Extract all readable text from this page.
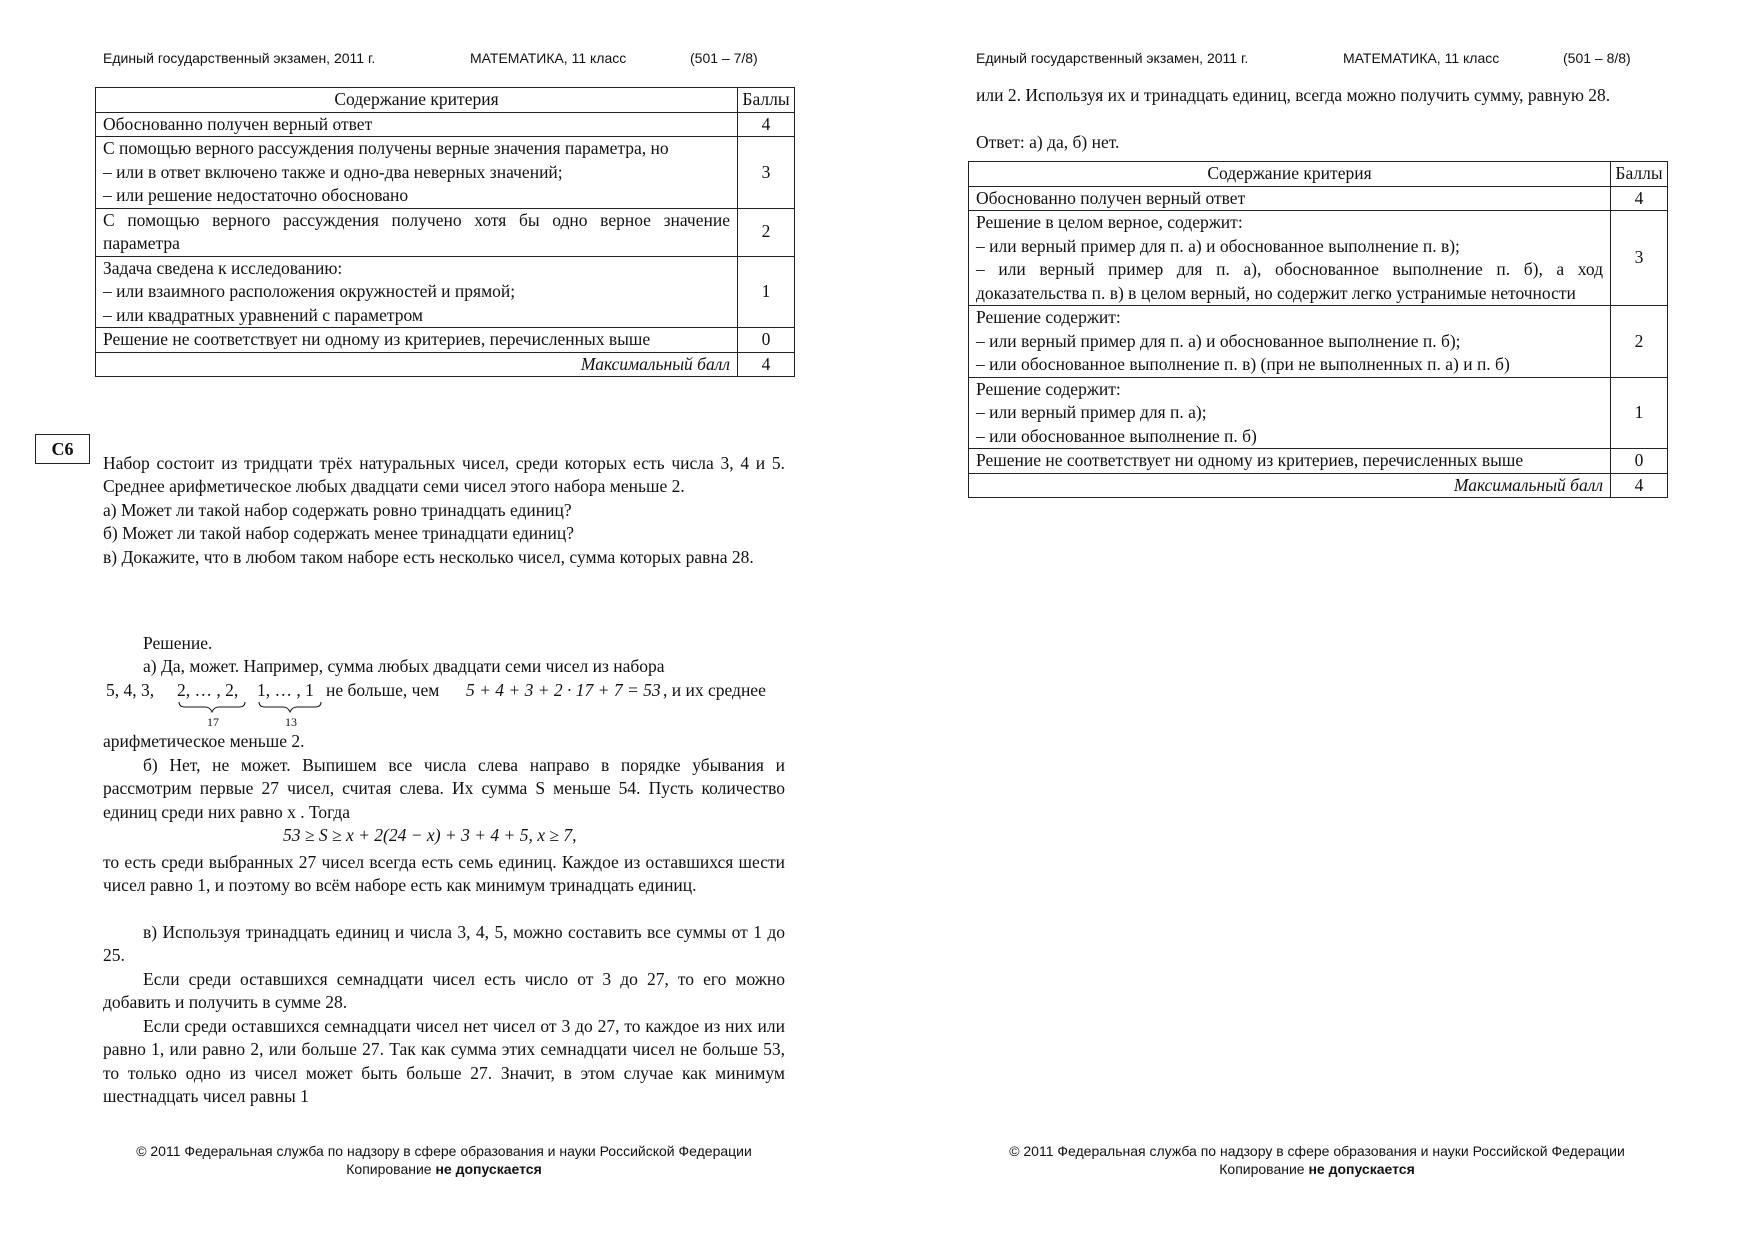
Единый государственный экзамен, 2011 г.	МАТЕМАТИКА, 11 класс	(501 – 7/8)
Содержание критерия	Баллы

Обоснованно получен верный ответ	4

С помощью верного рассуждения получены верные значения параметра, но
– или в ответ включено также и одно-два неверных значений;
– или решение недостаточно обосновано	3

С помощью верного рассуждения получено хотя бы одно верное значение параметра	2

Задача сведена к исследованию:
– или взаимного расположения окружностей и прямой;
– или квадратных уравнений с параметром	1

Решение не соответствует ни одному из критериев, перечисленных выше	0
Максимальный балл	4
C6
Набор состоит из тридцати трёх натуральных чисел, среди которых есть числа 3, 4 и 5. Среднее арифметическое любых двадцати семи чисел этого набора меньше 2.
а) Может ли такой набор содержать ровно тринадцать единиц?
б) Может ли такой набор содержать менее тринадцати единиц?
в) Докажите, что в любом таком наборе есть несколько чисел, сумма которых равна 28.
Решение.
а) Да, может. Например, сумма любых двадцати семи чисел из набора
5, 4, 3, 2, … , 2, 1, … , 1 не больше, чем 5 + 4 + 3 + 2 · 17 + 7 = 53 , и их среднее
17	13
арифметическое меньше 2.
б) Нет, не может. Выпишем все числа слева направо в порядке убывания и рассмотрим первые 27 чисел, считая слева. Их сумма S меньше 54. Пусть количество единиц среди них равно x . Тогда
53 ≥ S ≥ x + 2(24 − x) + 3 + 4 + 5, x ≥ 7,
то есть среди выбранных 27 чисел всегда есть семь единиц. Каждое из оставшихся шести чисел равно 1, и поэтому во всём наборе есть как минимум тринадцать единиц.
в) Используя тринадцать единиц и числа 3, 4, 5, можно составить все суммы от 1 до 25.
Если среди оставшихся семнадцати чисел есть число от 3 до 27, то его можно добавить и получить в сумме 28.
Если среди оставшихся семнадцати чисел нет чисел от 3 до 27, то каждое из них или равно 1, или равно 2, или больше 27. Так как сумма этих семнадцати чисел не больше 53, то только одно из чисел может быть больше 27. Значит, в этом случае как минимум шестнадцать чисел равны 1
© 2011 Федеральная служба по надзору в сфере образования и науки Российской Федерации
Копирование не допускается
Единый государственный экзамен, 2011 г.	МАТЕМАТИКА, 11 класс	(501 – 8/8)
или 2. Используя их и тринадцать единиц, всегда можно получить сумму, равную 28.
Ответ: а) да, б) нет.
Содержание критерия	Баллы

Обоснованно получен верный ответ	4

Решение в целом верное, содержит:
– или верный пример для п. а) и обоснованное выполнение п. в);
– или верный пример для п. а), обоснованное выполнение п. б), а ход доказательства п. в) в целом верный, но содержит легко устранимые неточности	3

Решение содержит:
– или верный пример для п. а) и обоснованное выполнение п. б);
– или обоснованное выполнение п. в) (при не выполненных п. а) и п. б)	2

Решение содержит:
– или верный пример для п. а);
– или обоснованное выполнение п. б)	1

Решение не соответствует ни одному из критериев, перечисленных выше	0
Максимальный балл	4
© 2011 Федеральная служба по надзору в сфере образования и науки Российской Федерации
Копирование не допускается
